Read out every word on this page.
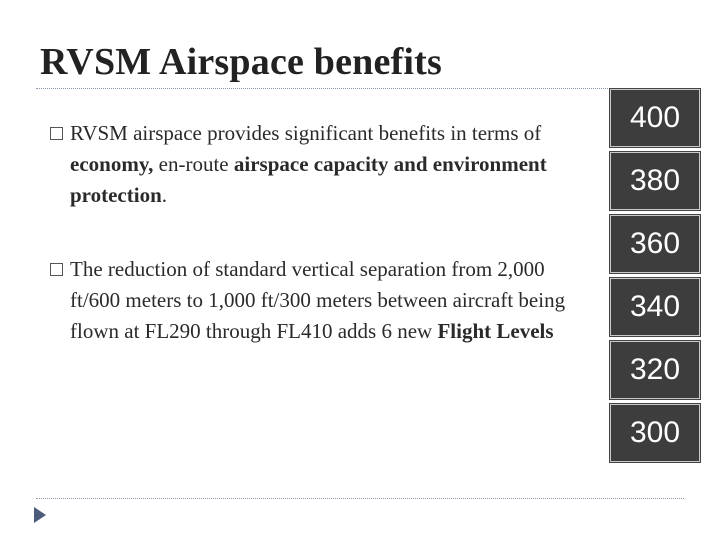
RVSM Airspace benefits
RVSM airspace provides significant benefits in terms of economy, en-route airspace capacity and environment protection.
The reduction of standard vertical separation from 2,000 ft/600 meters to 1,000 ft/300 meters between aircraft being flown at FL290 through FL410 adds 6 new Flight Levels
400
380
360
340
320
300
